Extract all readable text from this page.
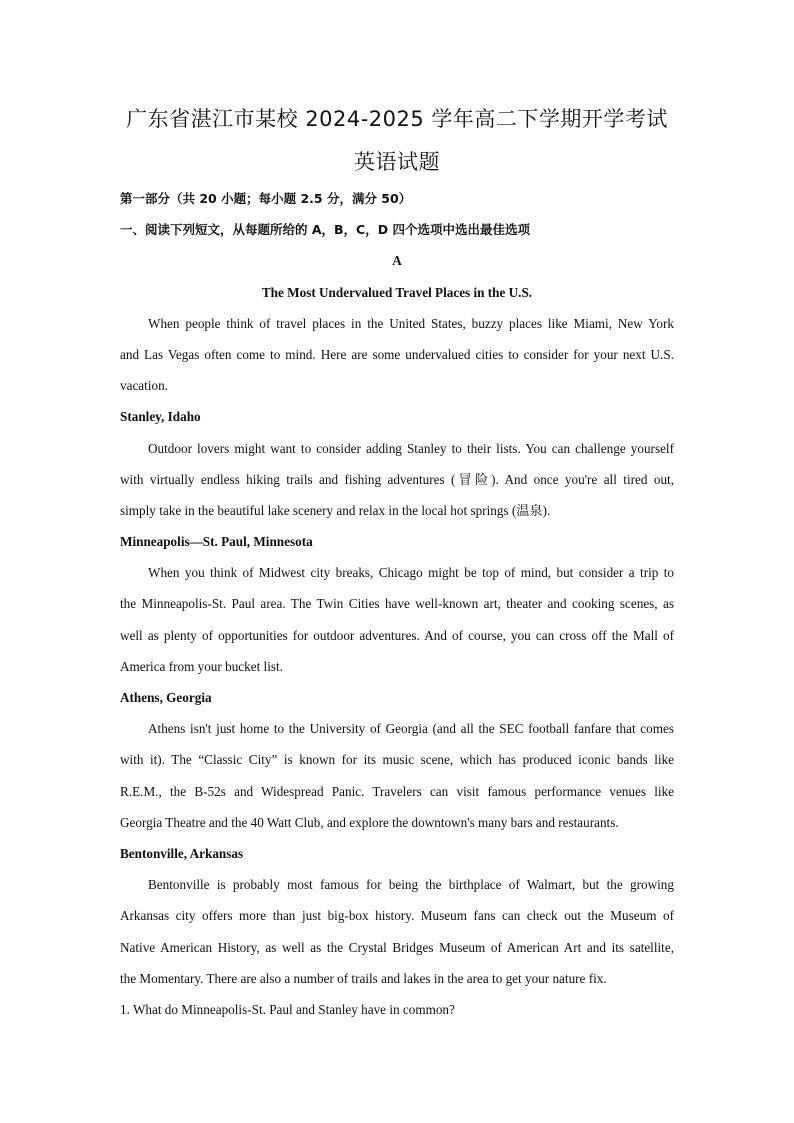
广东省湛江市某校 2024-2025 学年高二下学期开学考试
英语试题
第一部分（共 20 小题；每小题 2.5 分，满分 50）
一、阅读下列短文，从每题所给的 A，B，C，D 四个选项中选出最佳选项
A
The Most Undervalued Travel Places in the U.S.
When people think of travel places in the United States, buzzy places like Miami, New York
and Las Vegas often come to mind. Here are some undervalued cities to consider for your next U.S.
vacation.
Stanley, Idaho
Outdoor lovers might want to consider adding Stanley to their lists. You can challenge yourself
with virtually endless hiking trails and fishing adventures (冒险). And once you're all tired out,
simply take in the beautiful lake scenery and relax in the local hot springs (温泉).
Minneapolis—St. Paul, Minnesota
When you think of Midwest city breaks, Chicago might be top of mind, but consider a trip to
the Minneapolis-St. Paul area. The Twin Cities have well-known art, theater and cooking scenes, as
well as plenty of opportunities for outdoor adventures. And of course, you can cross off the Mall of
America from your bucket list.
Athens, Georgia
Athens isn't just home to the University of Georgia (and all the SEC football fanfare that comes
with it). The “Classic City” is known for its music scene, which has produced iconic bands like
R.E.M., the B-52s and Widespread Panic. Travelers can visit famous performance venues like
Georgia Theatre and the 40 Watt Club, and explore the downtown's many bars and restaurants.
Bentonville, Arkansas
Bentonville is probably most famous for being the birthplace of Walmart, but the growing
Arkansas city offers more than just big-box history. Museum fans can check out the Museum of
Native American History, as well as the Crystal Bridges Museum of American Art and its satellite,
the Momentary. There are also a number of trails and lakes in the area to get your nature fix.
1. What do Minneapolis-St. Paul and Stanley have in common?
